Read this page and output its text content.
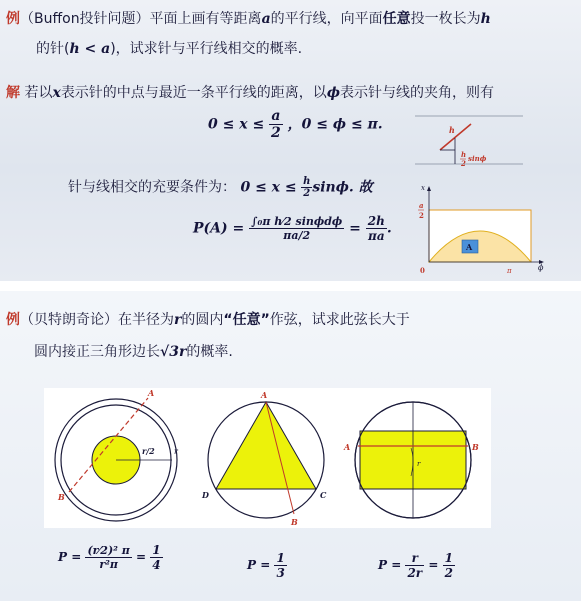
例（Buffon投针问题）平面上画有等距离a的平行线，向平面任意投一枚长为h
的针(h < a)，试求针与平行线相交的概率.
解 若以x表示针的中点与最近一条平行线的距离，以ϕ表示针与线的夹角，则有
$0 \le x \le \frac{a}{2}$ ，0 ≤ ϕ ≤ π.
针与线相交的充要条件为： $0 \le x \le \frac{h}{2} \sin\phi$. 故
$P(A) = \frac{\text{∫₀π h⁄2 sinϕdϕ}}{\pi a/2} = \frac{2h}{\pi a}$ .
h
h
2
sinϕ
A
x
a
2
0	π	ϕ
例（贝特朗奇论）在半径为r的圆内“任意”作弦，试求此弦长大于
圆内接正三角形边长√3r的概率.
A
B
r/2 r
A
D	C
B
r
A	B
$P = \frac{\text{(r⁄2)² π}}{\text{r²π}} = \frac{1}{4}$	$P = \frac{1}{3}$	$P = \frac{r}{2r} = \frac{1}{2}$
